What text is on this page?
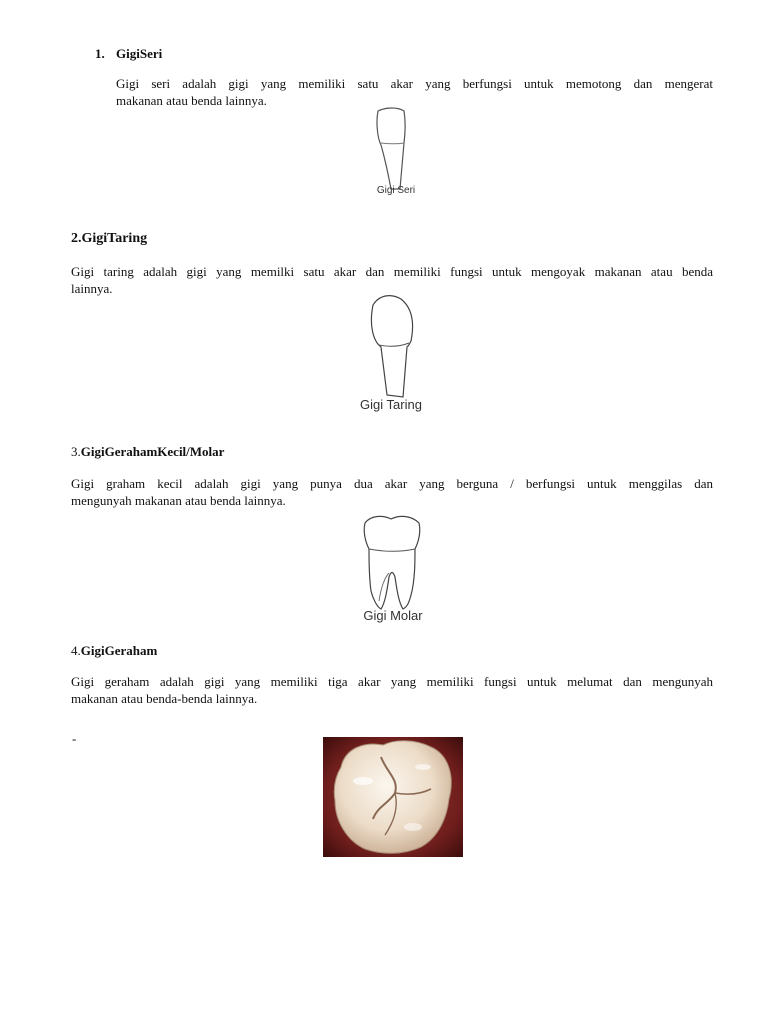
1. GigiSeri
Gigi seri adalah gigi yang memiliki satu akar yang berfungsi untuk memotong dan mengerat
makanan atau benda lainnya.
Gigi Seri
2.GigiTaring
Gigi taring adalah gigi yang memilki satu akar dan memiliki fungsi untuk mengoyak makanan atau benda
lainnya.
Gigi Taring
3.GigiGerahamKecil/Molar
Gigi graham kecil adalah gigi yang punya dua akar yang berguna / berfungsi untuk menggilas dan
mengunyah makanan atau benda lainnya.
Gigi Molar
4.GigiGeraham
Gigi geraham adalah gigi yang memiliki tiga akar yang memiliki fungsi untuk melumat dan mengunyah
makanan atau benda-benda lainnya.
-
